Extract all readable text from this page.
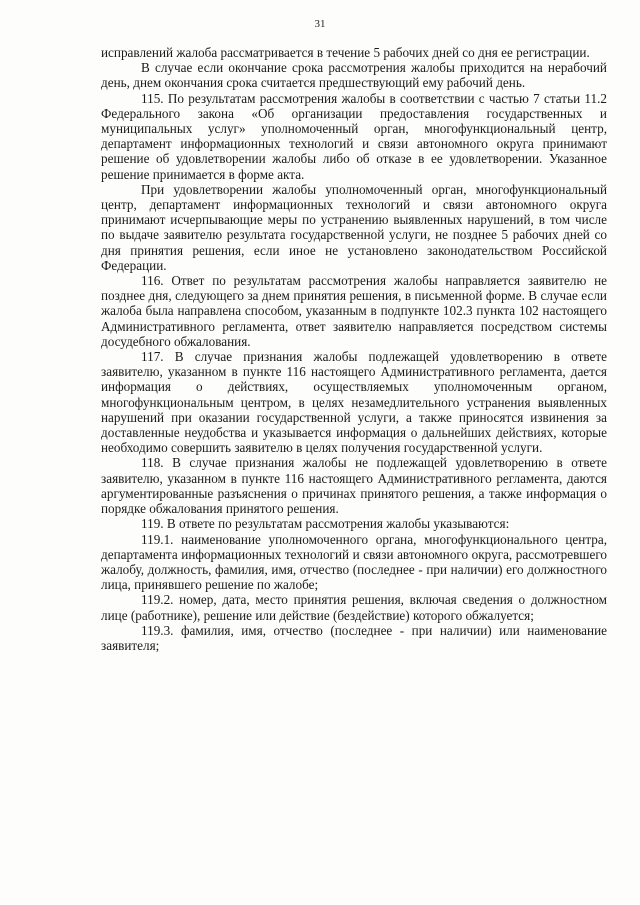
31

исправлений жалоба рассматривается в течение 5 рабочих дней со дня ее регистрации.

В случае если окончание срока рассмотрения жалобы приходится на нерабочий день, днем окончания срока считается предшествующий ему рабочий день.

115. По результатам рассмотрения жалобы в соответствии с частью 7 статьи 11.2 Федерального закона «Об организации предоставления государственных и муниципальных услуг» уполномоченный орган, многофункциональный центр, департамент информационных технологий и связи автономного округа принимают решение об удовлетворении жалобы либо об отказе в ее удовлетворении. Указанное решение принимается в форме акта.

При удовлетворении жалобы уполномоченный орган, многофункциональный центр, департамент информационных технологий и связи автономного округа принимают исчерпывающие меры по устранению выявленных нарушений, в том числе по выдаче заявителю результата государственной услуги, не позднее 5 рабочих дней со дня принятия решения, если иное не установлено законодательством Российской Федерации.

116. Ответ по результатам рассмотрения жалобы направляется заявителю не позднее дня, следующего за днем принятия решения, в письменной форме. В случае если жалоба была направлена способом, указанным в подпункте 102.3 пункта 102 настоящего Административного регламента, ответ заявителю направляется посредством системы досудебного обжалования.

117. В случае признания жалобы подлежащей удовлетворению в ответе заявителю, указанном в пункте 116 настоящего Административного регламента, дается информация о действиях, осуществляемых уполномоченным органом, многофункциональным центром, в целях незамедлительного устранения выявленных нарушений при оказании государственной услуги, а также приносятся извинения за доставленные неудобства и указывается информация о дальнейших действиях, которые необходимо совершить заявителю в целях получения государственной услуги.

118. В случае признания жалобы не подлежащей удовлетворению в ответе заявителю, указанном в пункте 116 настоящего Административного регламента, даются аргументированные разъяснения о причинах принятого решения, а также информация о порядке обжалования принятого решения.

119. В ответе по результатам рассмотрения жалобы указываются:

119.1. наименование уполномоченного органа, многофункционального центра, департамента информационных технологий и связи автономного округа, рассмотревшего жалобу, должность, фамилия, имя, отчество (последнее - при наличии) его должностного лица, принявшего решение по жалобе;

119.2. номер, дата, место принятия решения, включая сведения о должностном лице (работнике), решение или действие (бездействие) которого обжалуется;

119.3. фамилия, имя, отчество (последнее - при наличии) или наименование заявителя;
